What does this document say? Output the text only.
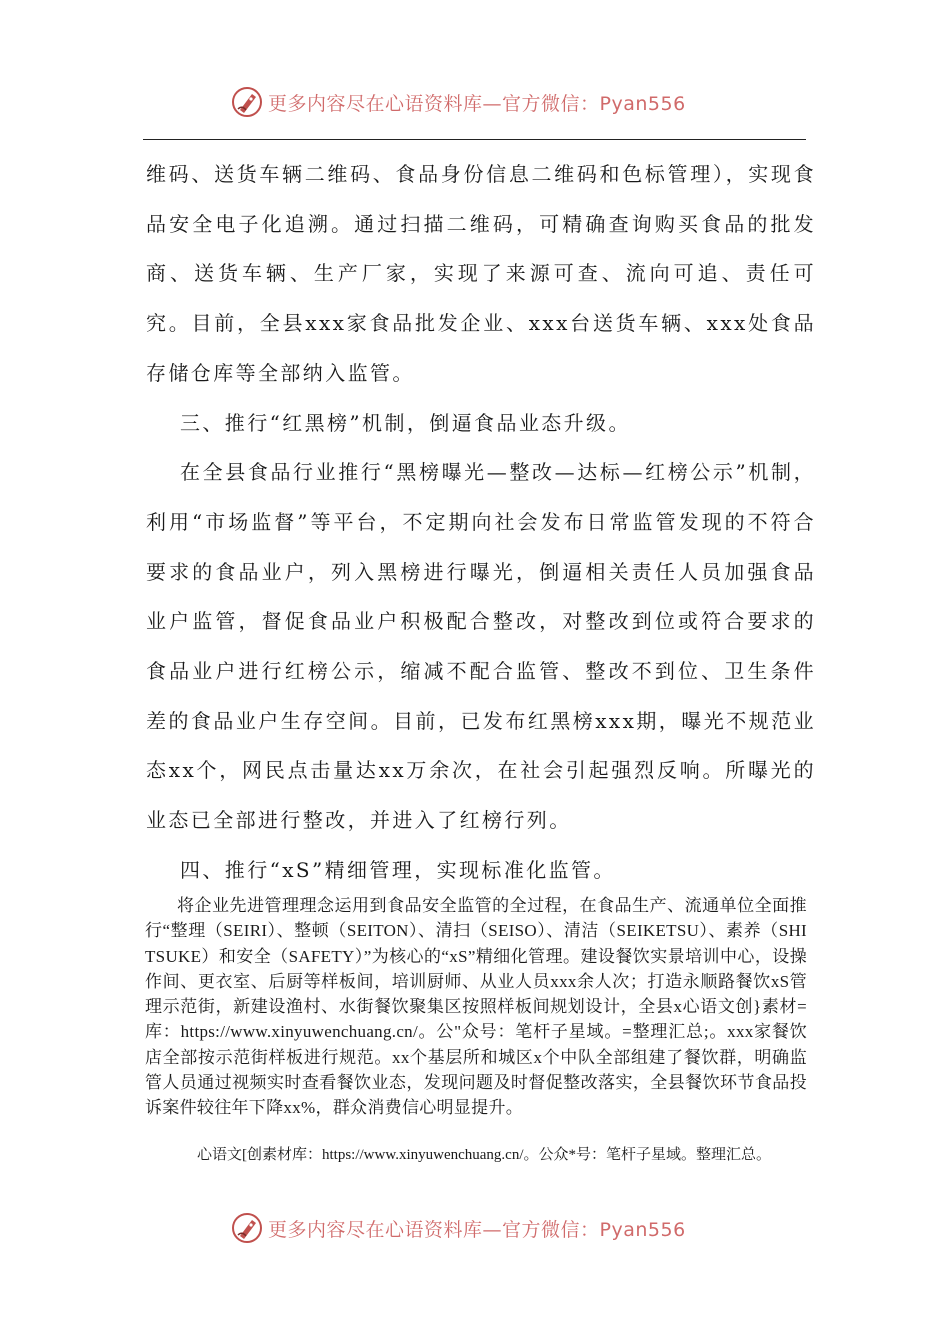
更多内容尽在心语资料库—官方微信：Pyan556

维码、送货车辆二维码、食品身份信息二维码和色标管理），实现食品安全电子化追溯。通过扫描二维码，可精确查询购买食品的批发商、送货车辆、生产厂家，实现了来源可查、流向可追、责任可究。目前，全县xxx家食品批发企业、xxx台送货车辆、xxx处食品存储仓库等全部纳入监管。

三、推行“红黑榜”机制，倒逼食品业态升级。

在全县食品行业推行“黑榜曝光—整改—达标—红榜公示”机制，利用“市场监督”等平台，不定期向社会发布日常监管发现的不符合要求的食品业户，列入黑榜进行曝光，倒逼相关责任人员加强食品业户监管，督促食品业户积极配合整改，对整改到位或符合要求的食品业户进行红榜公示，缩减不配合监管、整改不到位、卫生条件差的食品业户生存空间。目前，已发布红黑榜xxx期，曝光不规范业态xx个，网民点击量达xx万余次，在社会引起强烈反响。所曝光的业态已全部进行整改，并进入了红榜行列。

四、推行“xS”精细管理，实现标准化监管。

将企业先进管理理念运用到食品安全监管的全过程，在食品生产、流通单位全面推行“整理（SEIRI）、整顿（SEITON）、清扫（SEISO）、清洁（SEIKETSU）、素养（SHITSUKE）和安全（SAFETY）”为核心的“xS”精细化管理。建设餐饮实景培训中心，设操作间、更衣室、后厨等样板间，培训厨师、从业人员xxx余人次；打造永顺路餐饮xS管理示范街，新建设渔村、水街餐饮聚集区按照样板间规划设计，全县x心语文创}素材=库：https://www.xinyuwenchuang.cn/。公"众号：笔杆子星域。=整理汇总;。xxx家餐饮店全部按示范街样板进行规范。xx个基层所和城区x个中队全部组建了餐饮群，明确监管人员通过视频实时查看餐饮业态，发现问题及时督促整改落实，全县餐饮环节食品投诉案件较往年下降xx%，群众消费信心明显提升。

心语文[创素材库：https://www.xinyuwenchuang.cn/。公众*号：笔杆子星域。整理汇总。

更多内容尽在心语资料库—官方微信：Pyan556
